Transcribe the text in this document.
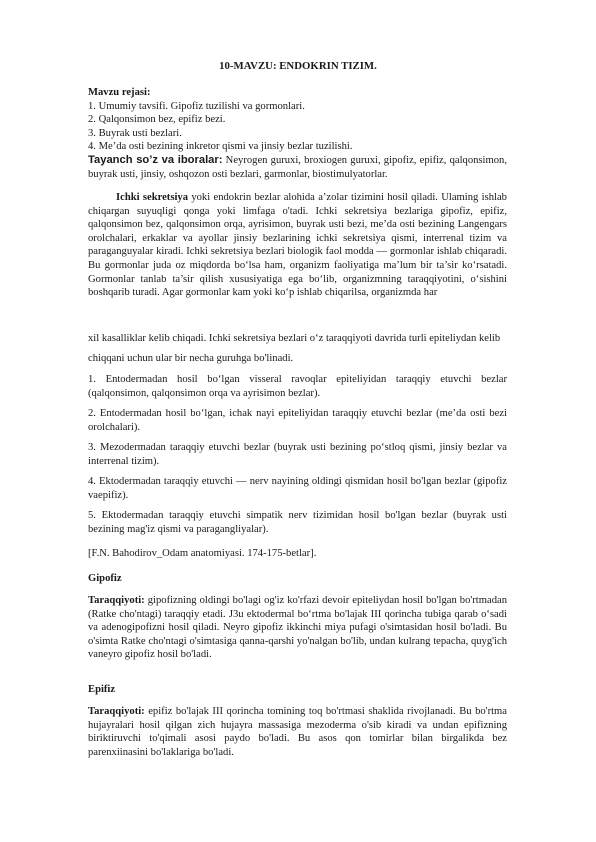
10-MAVZU: ENDOKRIN TIZIM.
Mavzu rejasi:
1. Umumiy tavsifi. Gipofiz tuzilishi va gormonlari.
2. Qalqonsimon bez, epifiz bezi.
3. Buyrak usti bezlari.
4. Me’da osti bezining inkretor qismi va jinsiy bezlar tuzilishi.
Tayanch so’z va iboralar: Neyrogen guruxi, broxiogen guruxi, gipofiz, epifiz, qalqonsimon, buyrak usti, jinsiy, oshqozon osti bezlari, garmonlar, biostimulyatorlar.
Ichki sekretsiya yoki endokrin bezlar alohida a’zolar tizimini hosil qiladi. Ulaming ishlab chiqargan suyuqligi qonga yoki limfaga o'tadi. Ichki sekretsiya bezlariga gipofiz, epifiz, qalqonsimon bez, qalqonsimon orqa, ayrisimon, buyrak usti bezi, me’da osti bezining Langengars orolchalari, erkaklar va ayollar jinsiy bezlarining ichki sekretsiya qismi, interrenal tizim va paraganguyalar kiradi. Ichki sekretsiya bezlari biologik faol modda — gormonlar ishlab chiqaradi. Bu gormonlar juda oz miqdorda bo‘lsa ham, organizm faoliyatiga ma’lum bir ta’sir ko‘rsatadi. Gormonlar tanlab ta’sir qilish xususiyatiga ega bo‘lib, organizmning taraqqiyotini, o‘sishini boshqarib turadi. Agar gormonlar kam yoki ko‘p ishlab chiqarilsa, organizmda har
xil kasalliklar kelib chiqadi. Ichki sekretsiya bezlari o‘z taraqqiyoti davrida turli epiteliydan kelib
chiqqani uchun ular bir necha guruhga bo'linadi.

1. Entodermadan hosil bo‘lgan visseral ravoqlar epiteliyidan taraqqiy etuvchi bezlar (qalqonsimon, qalqonsimon orqa va ayrisimon bezlar).

2. Entodermadan hosil bo‘lgan, ichak nayi epiteliyidan taraqqiy etuvchi bezlar (me’da osti bezi orolchalari).

3. Mezodermadan taraqqiy etuvchi bezlar (buyrak usti bezining po‘stloq qismi, jinsiy bezlar va interrenal tizim).

4. Ektodermadan taraqqiy etuvchi — nerv nayining oldingi qismidan hosil bo'lgan bezlar (gipofiz vaepifiz).

5. Ektodermadan taraqqiy etuvchi simpatik nerv tizimidan hosil bo'lgan bezlar (buyrak usti bezining mag'iz qismi va paragangliyalar).

[F.N. Bahodirov_Odam anatomiyasi. 174-175-betlar].
Gipofiz

Taraqqiyoti: gipofizning oldingi bo'lagi og'iz ko'rfazi devoir epiteliydan hosil bo'lgan bo'rtmadan (Ratke cho'ntagi) taraqqiy etadi. J3u ektodermal bo‘rtma bo'lajak III qorincha tubiga qarab o‘sadi va adenogipofizni hosil qiladi. Neyro gipofiz ikkinchi miya pufagi o'simtasidan hosil bo'ladi. Bu o'simta Ratke cho'ntagi o'simtasiga qanna-qarshi yo'nalgan bo'lib, undan kulrang tepacha, quyg'ich vaneyro gipofiz hosil bo'ladi.

Epifiz

Taraqqiyoti: epifiz bo'lajak III qorincha tomining toq bo'rtmasi shaklida rivojlanadi. Bu bo'rtma hujayralari hosil qilgan zich hujayra massasiga mezoderma o'sib kiradi va undan epifizning biriktiruvchi to'qimali asosi paydo bo'ladi. Bu asos qon tomirlar bilan birgalikda bez parenxiinasini bo'laklariga bo'ladi.
